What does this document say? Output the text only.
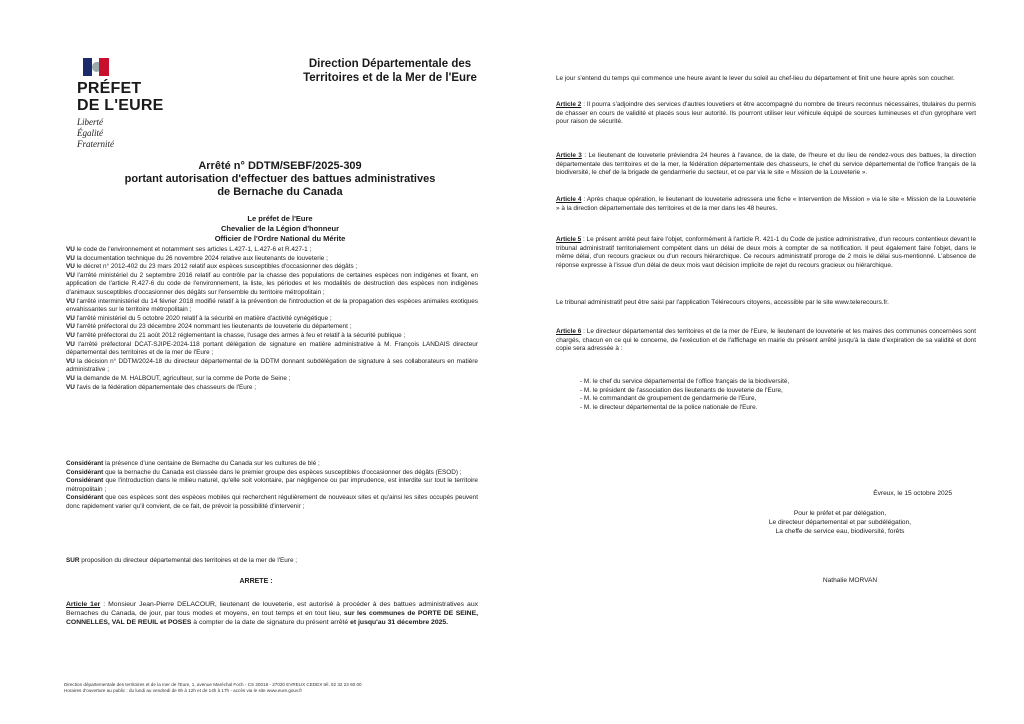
PRÉFET
DE L'EURE
Liberté
Égalité
Fraternité
Direction Départementale des
Territoires et de la Mer de l'Eure
Arrêté n° DDTM/SEBF/2025-309
portant autorisation d'effectuer des battues administratives
de Bernache du Canada
Le préfet de l'Eure
Chevalier de la Légion d'honneur
Officier de l'Ordre National du Mérite
VU le code de l'environnement et notamment ses articles L.427-1, L.427-6 et R.427-1 ;
VU la documentation technique du 26 novembre 2024 relative aux lieutenants de louveterie ;
VU le décret n° 2012-402 du 23 mars 2012 relatif aux espèces susceptibles d'occasionner des dégâts ;
VU l'arrêté ministériel du 2 septembre 2016 relatif au contrôle par la chasse des populations de certaines espèces non indigènes et fixant, en application de l'article R.427-6 du code de l'environnement, la liste, les périodes et les modalités de destruction des espèces non indigènes d'animaux susceptibles d'occasionner des dégâts sur l'ensemble du territoire métropolitain ;
VU l'arrêté interministériel du 14 février 2018 modifié relatif à la prévention de l'introduction et de la propagation des espèces animales exotiques envahissantes sur le territoire métropolitain ;
VU l'arrêté ministériel du 5 octobre 2020 relatif à la sécurité en matière d'activité cynégétique ;
VU l'arrêté préfectoral du 23 décembre 2024 nommant les lieutenants de louveterie du département ;
VU l'arrêté préfectoral du 21 août 2012 réglementant la chasse, l'usage des armes à feu et relatif à la sécurité publique ;
VU l'arrêté préfectoral DCAT-SJIPE-2024-118 portant délégation de signature en matière administrative à M. François LANDAIS directeur départemental des territoires et de la mer de l'Eure ;
VU la décision n° DDTM/2024-18 du directeur départemental de la DDTM donnant subdélégation de signature à ses collaborateurs en matière administrative ;
VU la demande de M. HALBOUT, agriculteur, sur la comme de Porte de Seine ;
VU l'avis de la fédération départementale des chasseurs de l'Eure ;
Considérant la présence d'une centaine de Bernache du Canada sur les cultures de blé ;
Considérant que la bernache du Canada est classée dans le premier groupe des espèces susceptibles d'occasionner des dégâts (ESOD) ;
Considérant que l'introduction dans le milieu naturel, qu'elle soit volontaire, par négligence ou par imprudence, est interdite sur tout le territoire métropolitain ;
Considérant que ces espèces sont des espèces mobiles qui recherchent régulièrement de nouveaux sites et qu'ainsi les sites occupés peuvent donc rapidement varier qu'il convient, de ce fait, de prévoir la possibilité d'intervenir ;
SUR proposition du directeur départemental des territoires et de la mer de l'Eure ;
ARRETE :
Article 1er : Monsieur Jean-Pierre DELACOUR, lieutenant de louveterie, est autorisé à procéder à des battues administratives aux Bernaches du Canada, de jour, par tous modes et moyens, en tout temps et en tout lieu, sur les communes de PORTE DE SEINE, CONNELLES, VAL DE REUIL et POSES à compter de la date de signature du présent arrêté et jusqu'au 31 décembre 2025.
Direction départementale des territoires et de la mer de l'Eure, 1, avenue Maréchal Foch - CS 20018 - 27020 EVREUX CEDEX tél. 02 32 23 60 00
Horaires d'ouverture au public : du lundi au vendredi de 9h à 12h et de 14h à 17h - accès via le site www.eure.gouv.fr
Le jour s'entend du temps qui commence une heure avant le lever du soleil au chef-lieu du département et finit une heure après son coucher.
Article 2 : Il pourra s'adjoindre des services d'autres louvetiers et être accompagné du nombre de tireurs reconnus nécessaires, titulaires du permis de chasser en cours de validité et placés sous leur autorité. Ils pourront utiliser leur véhicule équipé de sources lumineuses et d'un gyrophare vert pour raison de sécurité.
Article 3 : Le lieutenant de louveterie préviendra 24 heures à l'avance, de la date, de l'heure et du lieu de rendez-vous des battues, la direction départementale des territoires et de la mer, la fédération départementale des chasseurs, le chef du service départemental de l'office français de la biodiversité, le chef de la brigade de gendarmerie du secteur, et ce par via le site « Mission de la Louveterie ».
Article 4 : Après chaque opération, le lieutenant de louveterie adressera une fiche « Intervention de Mission » via le site « Mission de la Louveterie » à la direction départementale des territoires et de la mer dans les 48 heures.
Article 5 : Le présent arrêté peut faire l'objet, conformément à l'article R. 421-1 du Code de justice administrative, d'un recours contentieux devant le tribunal administratif territorialement compétent dans un délai de deux mois à compter de sa notification. Il peut également faire l'objet, dans le même délai, d'un recours gracieux ou d'un recours hiérarchique. Ce recours administratif proroge de 2 mois le délai sus-mentionné. L'absence de réponse expresse à l'issue d'un délai de deux mois vaut décision implicite de rejet du recours gracieux ou hiérarchique.
Le tribunal administratif peut être saisi par l'application Télérecours citoyens, accessible par le site www.telerecours.fr.
Article 6 : Le directeur départemental des territoires et de la mer de l'Eure, le lieutenant de louveterie et les maires des communes concernées sont chargés, chacun en ce qui le concerne, de l'exécution et de l'affichage en mairie du présent arrêté jusqu'à la date d'expiration de sa validité et dont copie sera adressée à :
- M. le chef du service départemental de l'office français de la biodiversité,
- M. le président de l'association des lieutenants de louveterie de l'Eure,
- M. le commandant de groupement de gendarmerie de l'Eure,
- M. le directeur départemental de la police nationale de l'Eure.
Évreux, le 15 octobre 2025
Pour le préfet et par délégation,
Le directeur départemental et par subdélégation,
La cheffe de service eau, biodiversité, forêts
Nathalie MORVAN
